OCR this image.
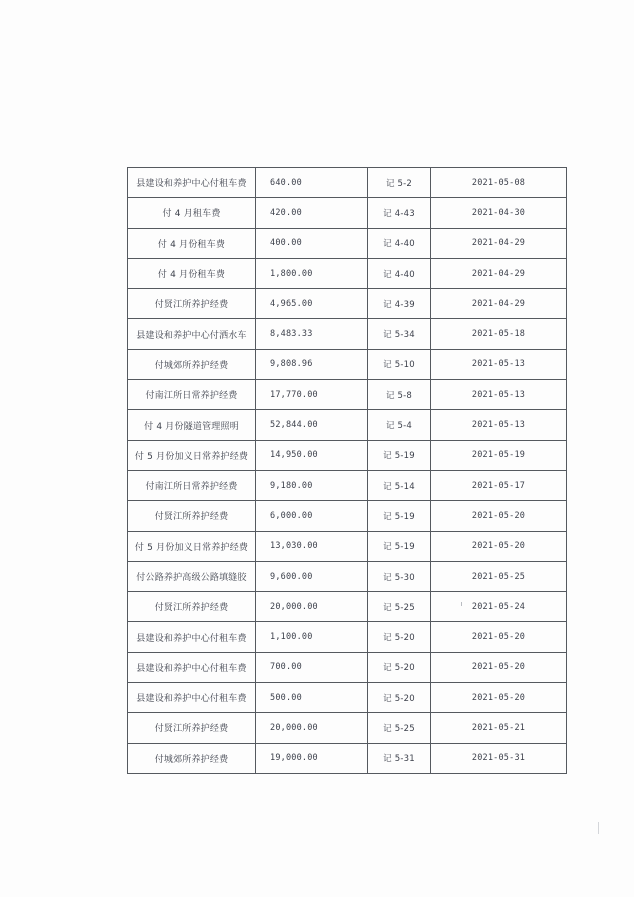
县建设和养护中心付租车费	640.00	记 5-2	2021-05-08
付 4 月租车费	420.00	记 4-43	2021-04-30
付 4 月份租车费	400.00	记 4-40	2021-04-29
付 4 月份租车费	1,800.00	记 4-40	2021-04-29
付贤江所养护经费	4,965.00	记 4-39	2021-04-29
县建设和养护中心付洒水车	8,483.33	记 5-34	2021-05-18
付城郊所养护经费	9,808.96	记 5-10	2021-05-13
付南江所日常养护经费	17,770.00	记 5-8	2021-05-13
付 4 月份隧道管理照明	52,844.00	记 5-4	2021-05-13
付 5 月份加义日常养护经费	14,950.00	记 5-19	2021-05-19
付南江所日常养护经费	9,180.00	记 5-14	2021-05-17
付贤江所养护经费	6,000.00	记 5-19	2021-05-20
付 5 月份加义日常养护经费	13,030.00	记 5-19	2021-05-20
付公路养护高级公路填缝胶	9,600.00	记 5-30	2021-05-25
付贤江所养护经费	20,000.00	记 5-25	2021-05-24
县建设和养护中心付租车费	1,100.00	记 5-20	2021-05-20
县建设和养护中心付租车费	700.00	记 5-20	2021-05-20
县建设和养护中心付租车费	500.00	记 5-20	2021-05-20
付贤江所养护经费	20,000.00	记 5-25	2021-05-21
付城郊所养护经费	19,000.00	记 5-31	2021-05-31
